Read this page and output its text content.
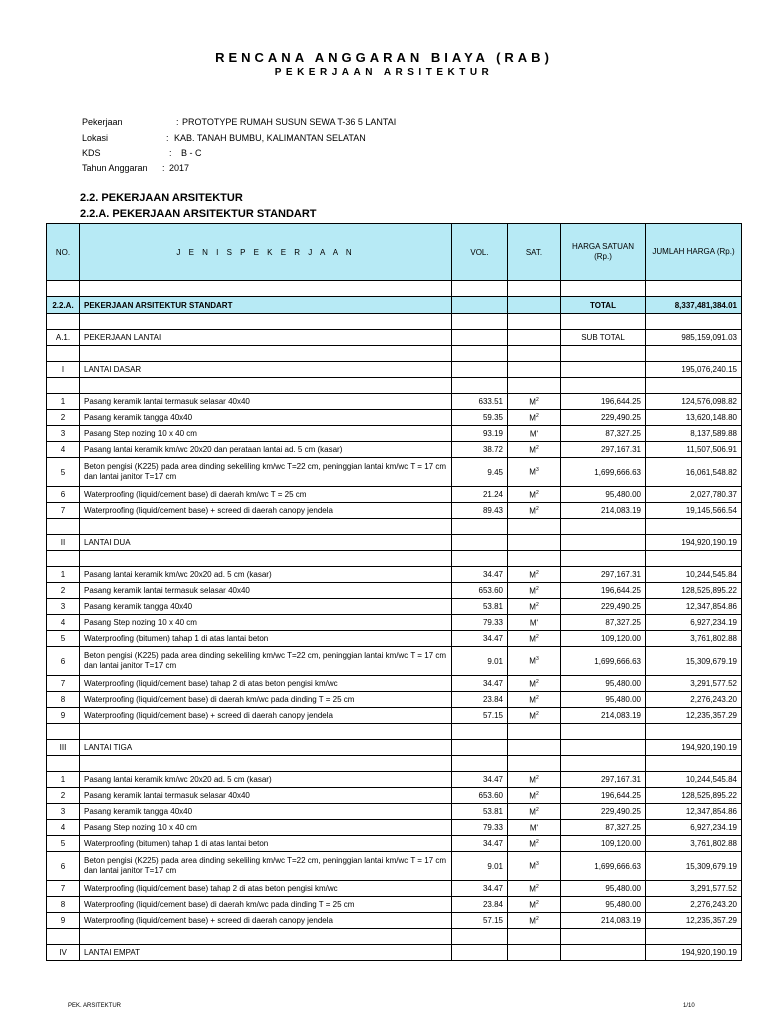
RENCANA ANGGARAN BIAYA (RAB)
PEKERJAAN ARSITEKTUR
Pekerjaan	: PROTOTYPE RUMAH SUSUN SEWA T-36 5 LANTAI
Lokasi	: KAB. TANAH BUMBU, KALIMANTAN SELATAN
KDS	: B - C
Tahun Anggaran : 2017
2.2. PEKERJAAN ARSITEKTUR
2.2.A. PEKERJAAN ARSITEKTUR STANDART
NO.	J E N I S P E K E R J A A N	VOL.	SAT.	HARGA SATUAN (Rp.)	JUMLAH HARGA (Rp.)

2.2.A.	PEKERJAAN ARSITEKTUR STANDART			TOTAL	8,337,481,384.01

A.1.	PEKERJAAN LANTAI			SUB TOTAL	985,159,091.03

I	LANTAI DASAR				195,076,240.15

1	Pasang keramik lantai termasuk selasar 40x40	633.51	$M^2$	196,644.25	124,576,098.82
2	Pasang keramik tangga 40x40	59.35	$M^2$	229,490.25	13,620,148.80
3	Pasang Step nozing 10 x 40 cm	93.19	M'	87,327.25	8,137,589.88
4	Pasang lantai keramik km/wc 20x20 dan perataan lantai ad. 5 cm (kasar)	38.72	$M^2$	297,167.31	11,507,506.91
5	Beton pengisi (K225) pada area dinding sekeliling km/wc T=22 cm, peninggian lantai km/wc T = 17 cm dan lantai janitor T=17 cm	9.45	$M^3$	1,699,666.63	16,061,548.82
6	Waterproofing (liquid/cement base) di daerah km/wc T = 25 cm	21.24	$M^2$	95,480.00	2,027,780.37
7	Waterproofing (liquid/cement base) + screed di daerah canopy jendela	89.43	$M^2$	214,083.19	19,145,566.54

II	LANTAI DUA				194,920,190.19

1	Pasang lantai keramik km/wc 20x20 ad. 5 cm (kasar)	34.47	$M^2$	297,167.31	10,244,545.84
2	Pasang keramik lantai termasuk selasar 40x40	653.60	$M^2$	196,644.25	128,525,895.22
3	Pasang keramik tangga 40x40	53.81	$M^2$	229,490.25	12,347,854.86
4	Pasang Step nozing 10 x 40 cm	79.33	M'	87,327.25	6,927,234.19
5	Waterproofing (bitumen) tahap 1 di atas lantai beton	34.47	$M^2$	109,120.00	3,761,802.88
6	Beton pengisi (K225) pada area dinding sekeliling km/wc T=22 cm, peninggian lantai km/wc T = 17 cm dan lantai janitor T=17 cm	9.01	$M^3$	1,699,666.63	15,309,679.19
7	Waterproofing (liquid/cement base) tahap 2 di atas beton pengisi km/wc	34.47	$M^2$	95,480.00	3,291,577.52
8	Waterproofing (liquid/cement base) di daerah km/wc pada dinding T = 25 cm	23.84	$M^2$	95,480.00	2,276,243.20
9	Waterproofing (liquid/cement base) + screed di daerah canopy jendela	57.15	$M^2$	214,083.19	12,235,357.29

III	LANTAI TIGA				194,920,190.19

1	Pasang lantai keramik km/wc 20x20 ad. 5 cm (kasar)	34.47	$M^2$	297,167.31	10,244,545.84
2	Pasang keramik lantai termasuk selasar 40x40	653.60	$M^2$	196,644.25	128,525,895.22
3	Pasang keramik tangga 40x40	53.81	$M^2$	229,490.25	12,347,854.86
4	Pasang Step nozing 10 x 40 cm	79.33	M'	87,327.25	6,927,234.19
5	Waterproofing (bitumen) tahap 1 di atas lantai beton	34.47	$M^2$	109,120.00	3,761,802.88
6	Beton pengisi (K225) pada area dinding sekeliling km/wc T=22 cm, peninggian lantai km/wc T = 17 cm dan lantai janitor T=17 cm	9.01	$M^3$	1,699,666.63	15,309,679.19
7	Waterproofing (liquid/cement base) tahap 2 di atas beton pengisi km/wc	34.47	$M^2$	95,480.00	3,291,577.52
8	Waterproofing (liquid/cement base) di daerah km/wc pada dinding T = 25 cm	23.84	$M^2$	95,480.00	2,276,243.20
9	Waterproofing (liquid/cement base) + screed di daerah canopy jendela	57.15	$M^2$	214,083.19	12,235,357.29

IV	LANTAI EMPAT				194,920,190.19
PEK. ARSITEKTUR	1/10
